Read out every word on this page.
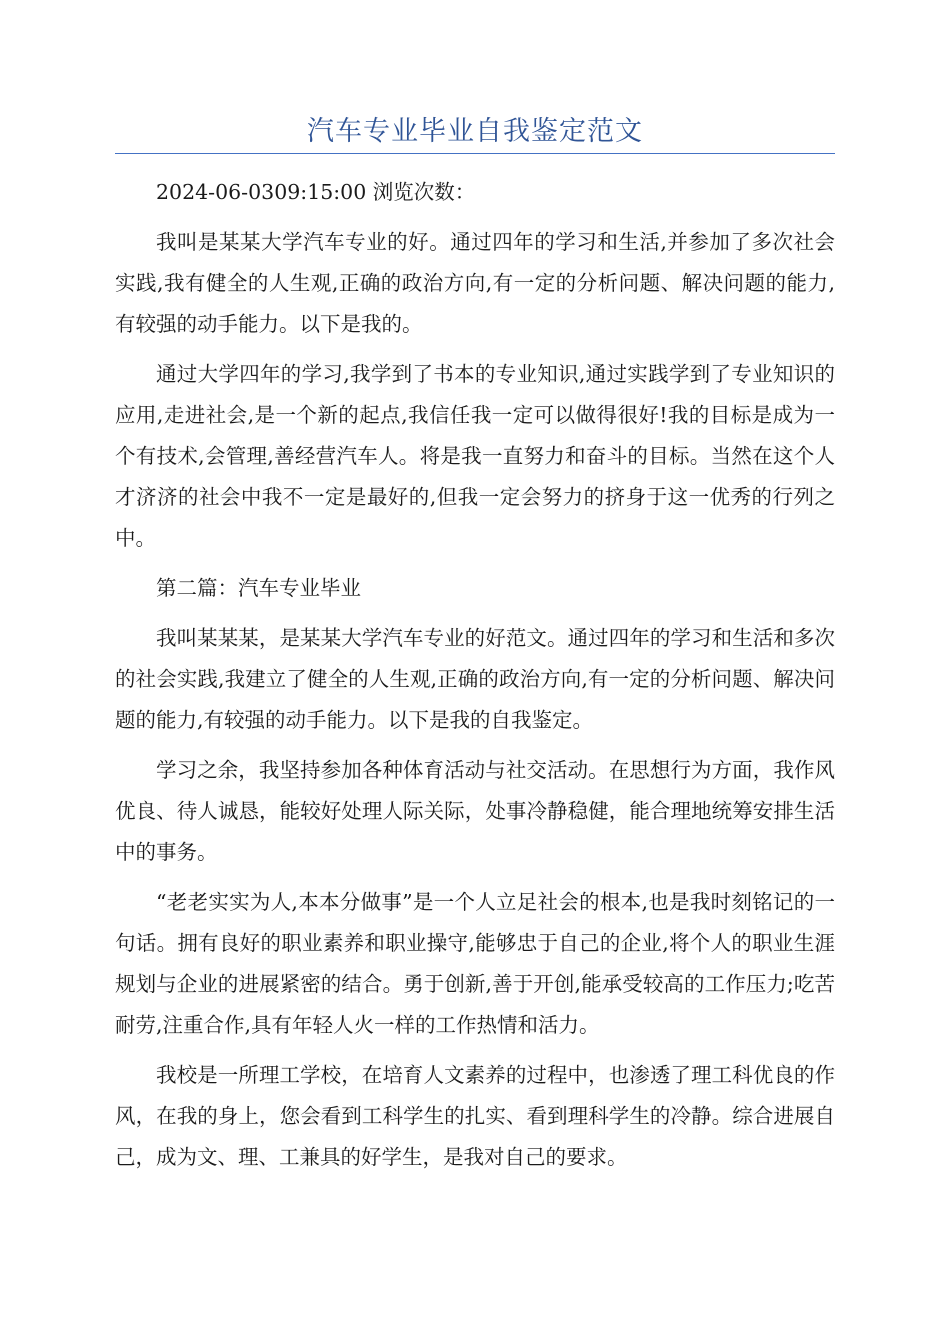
汽车专业毕业自我鉴定范文

2024-06-0309:15:00 浏览次数：

我叫是某某大学汽车专业的好。通过四年的学习和生活,并参加了多次社会实践,我有健全的人生观,正确的政治方向,有一定的分析问题、解决问题的能力,有较强的动手能力。以下是我的。

通过大学四年的学习,我学到了书本的专业知识,通过实践学到了专业知识的应用,走进社会,是一个新的起点,我信任我一定可以做得很好!我的目标是成为一个有技术,会管理,善经营汽车人。将是我一直努力和奋斗的目标。当然在这个人才济济的社会中我不一定是最好的,但我一定会努力的挤身于这一优秀的行列之中。

第二篇：汽车专业毕业

我叫某某某，是某某大学汽车专业的好范文。通过四年的学习和生活和多次的社会实践,我建立了健全的人生观,正确的政治方向,有一定的分析问题、解决问题的能力,有较强的动手能力。以下是我的自我鉴定。

学习之余，我坚持参加各种体育活动与社交活动。在思想行为方面，我作风优良、待人诚恳，能较好处理人际关际，处事冷静稳健，能合理地统筹安排生活中的事务。

“老老实实为人,本本分做事”是一个人立足社会的根本,也是我时刻铭记的一句话。拥有良好的职业素养和职业操守,能够忠于自己的企业,将个人的职业生涯规划与企业的进展紧密的结合。勇于创新,善于开创,能承受较高的工作压力;吃苦耐劳,注重合作,具有年轻人火一样的工作热情和活力。

我校是一所理工学校，在培育人文素养的过程中，也渗透了理工科优良的作风，在我的身上，您会看到工科学生的扎实、看到理科学生的冷静。综合进展自己，成为文、理、工兼具的好学生，是我对自己的要求。
